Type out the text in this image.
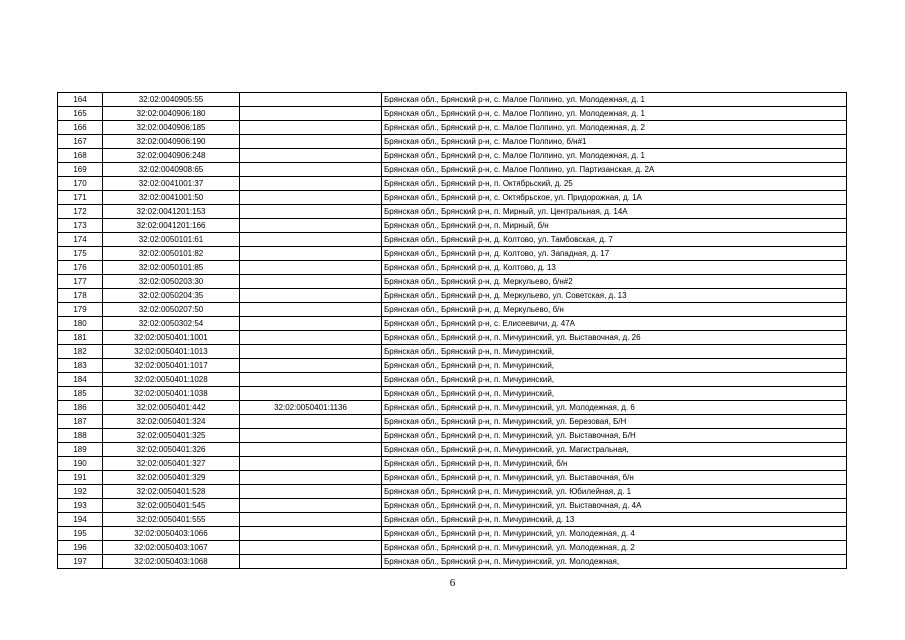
164	32:02:0040905:55		Брянская обл., Брянский р-н, с. Малое Полпино, ул. Молодежная, д. 1
165	32:02:0040906:180		Брянская обл., Брянский р-н, с. Малое Полпино, ул. Молодежная, д. 1
166	32:02:0040906:185		Брянская обл., Брянский р-н, с. Малое Полпино, ул. Молодежная, д. 2
167	32:02:0040906:190		Брянская обл., Брянский р-н, с. Малое Полпино, б/н#1
168	32:02:0040906:248		Брянская обл., Брянский р-н, с. Малое Полпино, ул. Молодежная, д. 1
169	32:02:0040908:65		Брянская обл., Брянский р-н, с. Малое Полпино, ул. Партизанская, д. 2А
170	32:02:0041001:37		Брянская обл., Брянский р-н, п. Октябрьский, д. 25
171	32:02:0041001:50		Брянская обл., Брянский р-н, с. Октябрьское, ул. Придорожная, д. 1А
172	32:02:0041201:153		Брянская обл., Брянский р-н, п. Мирный, ул. Центральная, д. 14А
173	32:02:0041201:166		Брянская обл., Брянский р-н, п. Мирный, б/н
174	32:02:0050101:61		Брянская обл., Брянский р-н, д. Колтово, ул. Тамбовская, д. 7
175	32:02:0050101:82		Брянская обл., Брянский р-н, д. Колтово, ул. Западная, д. 17
176	32:02:0050101:85		Брянская обл., Брянский р-н, д. Колтово, д. 13
177	32:02:0050203:30		Брянская обл., Брянский р-н, д. Меркульево, б/н#2
178	32:02:0050204:35		Брянская обл., Брянский р-н, д. Меркульево, ул. Советская, д. 13
179	32:02:0050207:50		Брянская обл., Брянский р-н, д. Меркульево, б/н
180	32:02:0050302:54		Брянская обл., Брянский р-н, с. Елисеевичи, д. 47А
181	32:02:0050401:1001		Брянская обл., Брянский р-н, п. Мичуринский, ул. Выставочная, д. 26
182	32:02:0050401:1013		Брянская обл., Брянский р-н, п. Мичуринский,
183	32:02:0050401:1017		Брянская обл., Брянский р-н, п. Мичуринский,
184	32:02:0050401:1028		Брянская обл., Брянский р-н, п. Мичуринский,
185	32:02:0050401:1038		Брянская обл., Брянский р-н, п. Мичуринский,
186	32:02:0050401:442	32:02:0050401:1136	Брянская обл., Брянский р-н, п. Мичуринский, ул. Молодежная, д. 6
187	32:02:0050401:324		Брянская обл., Брянский р-н, п. Мичуринский, ул. Березовая, Б/Н
188	32:02:0050401:325		Брянская обл., Брянский р-н, п. Мичуринский, ул. Выставочная, Б/Н
189	32:02:0050401:326		Брянская обл., Брянский р-н, п. Мичуринский, ул. Магистральная,
190	32:02:0050401:327		Брянская обл., Брянский р-н, п. Мичуринский, б/н
191	32:02:0050401:329		Брянская обл., Брянский р-н, п. Мичуринский, ул. Выставочная, б/н
192	32:02:0050401:528		Брянская обл., Брянский р-н, п. Мичуринский, ул. Юбилейная, д. 1
193	32:02:0050401:545		Брянская обл., Брянский р-н, п. Мичуринский, ул. Выставочная, д. 4А
194	32:02:0050401:555		Брянская обл., Брянский р-н, п. Мичуринский, д. 13
195	32:02:0050403:1066		Брянская обл., Брянский р-н, п. Мичуринский, ул. Молодежная, д. 4
196	32:02:0050403:1067		Брянская обл., Брянский р-н, п. Мичуринский, ул. Молодежная, д. 2
197	32:02:0050403:1068		Брянская обл., Брянский р-н, п. Мичуринский, ул. Молодежная,
6
